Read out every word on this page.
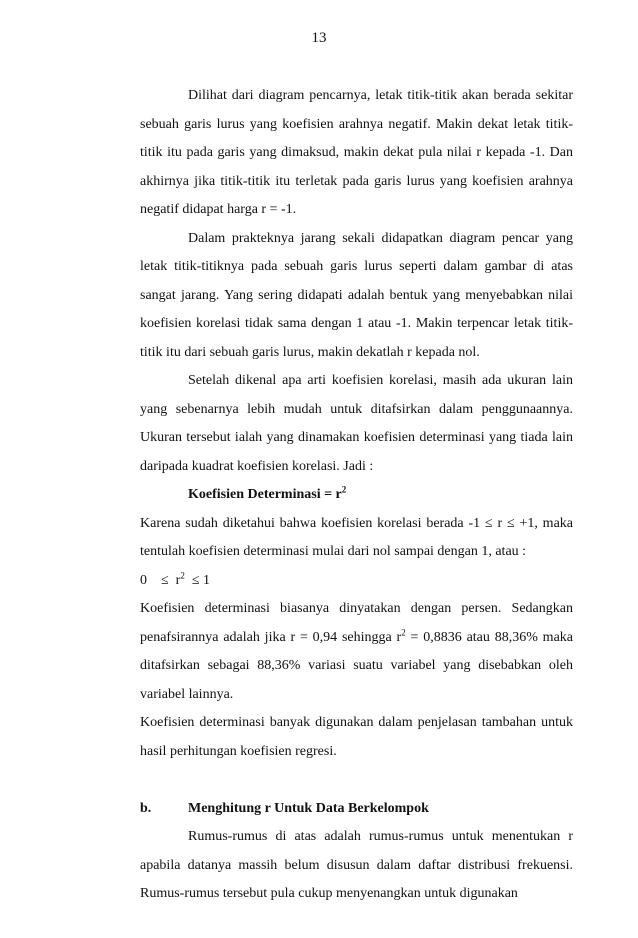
13

Dilihat dari diagram pencarnya, letak titik-titik akan berada sekitar sebuah garis lurus yang koefisien arahnya negatif. Makin dekat letak titik-titik itu pada garis yang dimaksud, makin dekat pula nilai r kepada -1. Dan akhirnya jika titik-titik itu terletak pada garis lurus yang koefisien arahnya negatif didapat harga r = -1.

Dalam prakteknya jarang sekali didapatkan diagram pencar yang letak titik-titiknya pada sebuah garis lurus seperti dalam gambar di atas sangat jarang. Yang sering didapati adalah bentuk yang menyebabkan nilai koefisien korelasi tidak sama dengan 1 atau -1. Makin terpencar letak titik-titik itu dari sebuah garis lurus, makin dekatlah r kepada nol.

Setelah dikenal apa arti koefisien korelasi, masih ada ukuran lain yang sebenarnya lebih mudah untuk ditafsirkan dalam penggunaannya. Ukuran tersebut ialah yang dinamakan koefisien determinasi yang tiada lain daripada kuadrat koefisien korelasi. Jadi :

Koefisien Determinasi = $r^2$

Karena sudah diketahui bahwa koefisien korelasi berada -1 ≤ r ≤ +1, maka tentulah koefisien determinasi mulai dari nol sampai dengan 1, atau :

0    ≤  $r^2 \le 1$

Koefisien determinasi biasanya dinyatakan dengan persen. Sedangkan penafsirannya adalah jika r = 0,94 sehingga $r^2 = 0,8836$ atau 88,36% maka ditafsirkan sebagai 88,36% variasi suatu variabel yang disebabkan oleh variabel lainnya.

Koefisien determinasi banyak digunakan dalam penjelasan tambahan untuk hasil perhitungan koefisien regresi.

b.	Menghitung r Untuk Data Berkelompok

Rumus-rumus di atas adalah rumus-rumus untuk menentukan r apabila datanya massih belum disusun dalam daftar distribusi frekuensi. Rumus-rumus tersebut pula cukup menyenangkan untuk digunakan
